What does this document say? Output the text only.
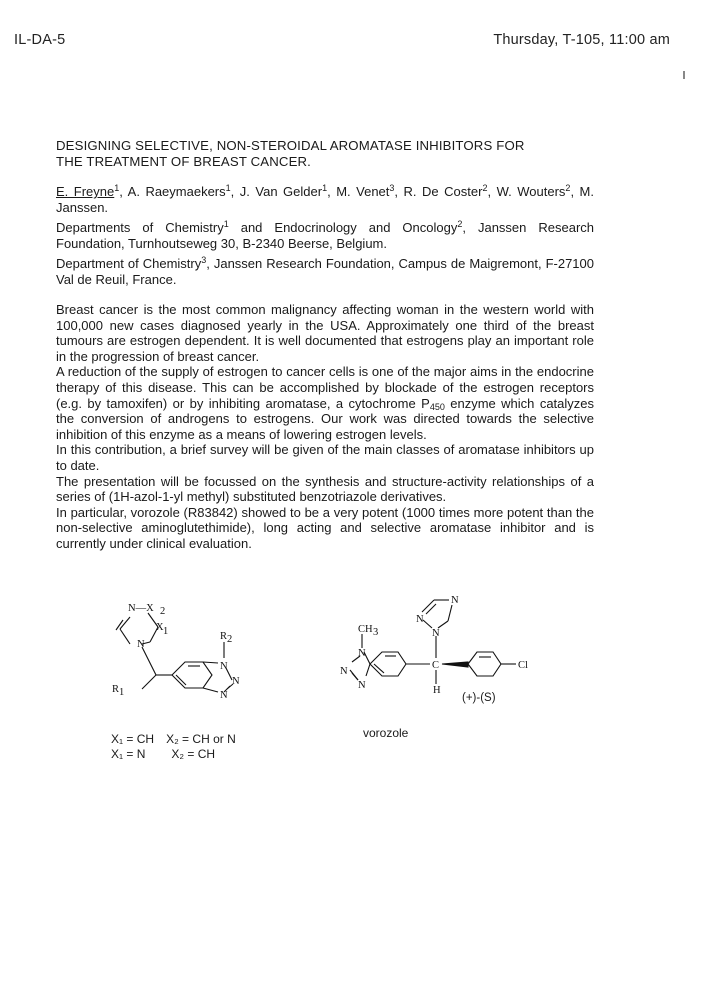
IL-DA-5	Thursday, T-105, 11:00 am
DESIGNING SELECTIVE, NON-STEROIDAL AROMATASE INHIBITORS FOR
THE TREATMENT OF BREAST CANCER.
E. Freyne$^1$, A. Raeymaekers$^1$, J. Van Gelder$^1$, M. Venet$^3$, R. De Coster$^2$, W. Wouters$^2$, M. Janssen.
Departments of Chemistry$^1$ and Endocrinology and Oncology$^2$, Janssen Research Foundation, Turnhoutseweg 30, B-2340 Beerse, Belgium.
Department of Chemistry$^3$, Janssen Research Foundation, Campus de Maigremont, F-27100 Val de Reuil, France.

Breast cancer is the most common malignancy affecting woman in the western world with 100,000 new cases diagnosed yearly in the USA. Approximately one third of the breast tumours are estrogen dependent. It is well documented that estrogens play an important role in the progression of breast cancer.

A reduction of the supply of estrogen to cancer cells is one of the major aims in the endocrine therapy of this disease. This can be accomplished by blockade of the estrogen receptors (e.g. by tamoxifen) or by inhibiting aromatase, a cytochrome $P_{450}$ enzyme which catalyzes the conversion of androgens to estrogens. Our work was directed towards the selective inhibition of this enzyme as a means of lowering estrogen levels.

In this contribution, a brief survey will be given of the main classes of aromatase inhibitors up to date.

The presentation will be focussed on the synthesis and structure-activity relationships of a series of (1H-azol-1-yl methyl) substituted benzotriazole derivatives.

In particular, vorozole (R83842) showed to be a very potent (1000 times more potent than the non-selective aminoglutethimide), long acting and selective aromatase inhibitor and is currently under clinical evaluation.

N—X 2
X 1
N
R 2
N
N
N
R 1
X₁ = CH X₂ = CH or N
X₁ = N X₂ = CH
CH 3
N
N
N
N
N
N
C
H
Cl
(+)-(S)
vorozole
